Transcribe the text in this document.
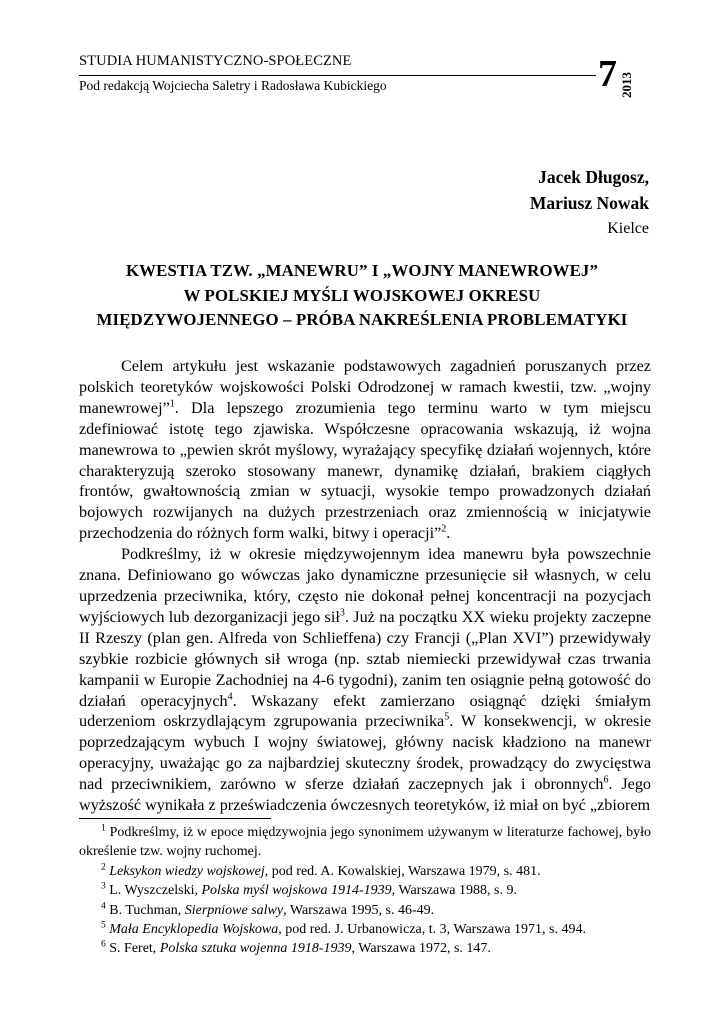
STUDIA HUMANISTYCZNO-SPOŁECZNE
Pod redakcją Wojciecha Saletry i Radosława Kubickiego	7 2013
Jacek Długosz,
Mariusz Nowak
Kielce
KWESTIA TZW. „MANEWRU” I „WOJNY MANEWROWEJ”
W POLSKIEJ MYŚLI WOJSKOWEJ OKRESU
MIĘDZYWOJENNEGO – PRÓBA NAKREŚLENIA PROBLEMATYKI

Celem artykułu jest wskazanie podstawowych zagadnień poruszanych przez polskich teoretyków wojskowości Polski Odrodzonej w ramach kwestii, tzw. „wojny manewrowej”$^1$. Dla lepszego zrozumienia tego terminu warto w tym miejscu zdefiniować istotę tego zjawiska. Współczesne opracowania wskazują, iż wojna manewrowa to „pewien skrót myślowy, wyrażający specyfikę działań wojennych, które charakteryzują szeroko stosowany manewr, dynamikę działań, brakiem ciągłych frontów, gwałtownością zmian w sytuacji, wysokie tempo prowadzonych działań bojowych rozwijanych na dużych przestrzeniach oraz zmiennością w inicjatywie przechodzenia do różnych form walki, bitwy i operacji”$^2$.

Podkreślmy, iż w okresie międzywojennym idea manewru była powszechnie znana. Definiowano go wówczas jako dynamiczne przesunięcie sił własnych, w celu uprzedzenia przeciwnika, który, często nie dokonał pełnej koncentracji na pozycjach wyjściowych lub dezorganizacji jego sił$^3$. Już na początku XX wieku projekty zaczepne II Rzeszy (plan gen. Alfreda von Schlieffena) czy Francji („Plan XVI”) przewidywały szybkie rozbicie głównych sił wroga (np. sztab niemiecki przewidywał czas trwania kampanii w Europie Zachodniej na 4-6 tygodni), zanim ten osiągnie pełną gotowość do działań operacyjnych$^4$. Wskazany efekt zamierzano osiągnąć dzięki śmiałym uderzeniom oskrzydlającym zgrupowania przeciwnika$^5$. W konsekwencji, w okresie poprzedzającym wybuch I wojny światowej, główny nacisk kładziono na manewr operacyjny, uważając go za najbardziej skuteczny środek, prowadzący do zwycięstwa nad przeciwnikiem, zarówno w sferze działań zaczepnych jak i obronnych$^6$. Jego wyższość wynikała z przeświadczenia ówczesnych teoretyków, iż miał on być „zbiorem

$^1$ Podkreślmy, iż w epoce międzywojnia jego synonimem używanym w literaturze fachowej, było określenie tzw. wojny ruchomej.
$^2$ Leksykon wiedzy wojskowej, pod red. A. Kowalskiej, Warszawa 1979, s. 481.
$^3$ L. Wyszczelski, Polska myśl wojskowa 1914-1939, Warszawa 1988, s. 9.
$^4$ B. Tuchman, Sierpniowe salwy, Warszawa 1995, s. 46-49.
$^5$ Mała Encyklopedia Wojskowa, pod red. J. Urbanowicza, t. 3, Warszawa 1971, s. 494.
$^6$ S. Feret, Polska sztuka wojenna 1918-1939, Warszawa 1972, s. 147.
